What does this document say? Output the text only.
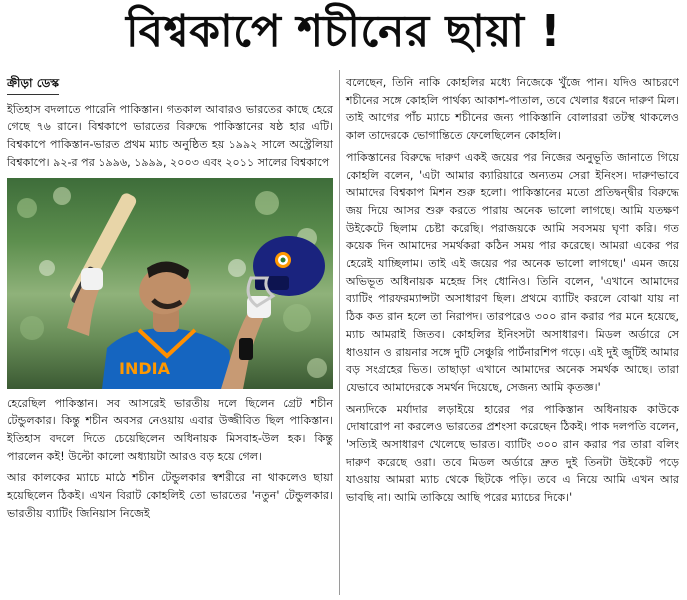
বিশ্বকাপে শচীনের ছায়া !
ক্রীড়া ডেস্ক

ইতিহাস বদলাতে পারেনি পাকিস্তান। গতকাল আবারও ভারতের কাছে হেরে গেছে ৭৬ রানে। বিশ্বকাপে ভারতের বিরুদ্ধে পাকিস্তানের ষষ্ঠ হার এটি। বিশ্বকাপে পাকিস্তান-ভারত প্রথম ম্যাচ অনুষ্ঠিত হয় ১৯৯২ সালে অস্ট্রেলিয়া বিশ্বকাপে। ৯২-র পর ১৯৯৬, ১৯৯৯, ২০০৩ এবং ২০১১ সালের বিশ্বকাপে

INDIA

হেরেছিল পাকিস্তান। সব আসরেই ভারতীয় দলে ছিলেন গ্রেট শচীন টেন্ডুলকার। কিন্তু শচীন অবসর নেওয়ায় এবার উজ্জীবিত ছিল পাকিস্তান। ইতিহাস বদলে দিতে চেয়েছিলেন অধিনায়ক মিসবাহ-উল হক। কিন্তু পারলেন কই! উল্টো কালো অধ্যায়টা আরও বড় হয়ে গেল।

আর কালকের ম্যাচে মাঠে শচীন টেন্ডুলকার স্বশরীরে না থাকলেও ছায়া হয়েছিলেন ঠিকই। এখন বিরাট কোহলিই তো ভারতের 'নতুন' টেন্ডুলকার। ভারতীয় ব্যাটিং জিনিয়াস নিজেই

বলেছেন, তিনি নাকি কোহলির মধ্যে নিজেকে খুঁজে পান। যদিও আচরণে শচীনের সঙ্গে কোহলি পার্থক্য আকাশ-পাতাল, তবে খেলার ধরনে দারুণ মিল। তাই আগের পাঁচ ম্যাচে শচীনের জন্য পাকিস্তানি বোলাররা তটস্থ থাকলেও কাল তাদেরকে ভোগান্তিতে ফেলেছিলেন কোহলি।

পাকিস্তানের বিরুদ্ধে দারুণ একই জয়ের পর নিজের অনুভূতি জানাতে গিয়ে কোহলি বলেন, 'এটা আমার ক্যারিয়ারে অন্যতম সেরা ইনিংস। দারুণভাবে আমাদের বিশ্বকাপ মিশন শুরু হলো। পাকিস্তানের মতো প্রতিদ্বন্দ্বীর বিরুদ্ধে জয় দিয়ে আসর শুরু করতে পারায় অনেক ভালো লাগছে। আমি যতক্ষণ উইকেটে ছিলাম চেষ্টা করেছি। পরাজয়কে আমি সবসময় ঘৃণা করি। গত কয়েক দিন আমাদের সমর্থকরা কঠিন সময় পার করেছে। আমরা একের পর হেরেই যাচ্ছিলাম। তাই এই জয়ের পর অনেক ভালো লাগছে।' এমন জয়ে অভিভূত অধিনায়ক মহেন্দ্র সিং ধোনিও। তিনি বলেন, 'এখানে আমাদের ব্যাটিং পারফরম্যান্সটা অসাধারণ ছিল। প্রথমে ব্যাটিং করলে বোঝা যায় না ঠিক কত রান হলে তা নিরাপদ। তারপরেও ৩০০ রান করার পর মনে হয়েছে, ম্যাচ আমরাই জিতব। কোহলির ইনিংসটা অসাধারণ। মিডল অর্ডারে সে ধাওয়ান ও রায়নার সঙ্গে দুটি সেঞ্চুরি পার্টনারশিপ গড়ে। এই দুই জুটিই আমার বড় সংগ্রহের ভিত। তাছাড়া এখানে আমাদের অনেক সমর্থক আছে। তারা যেভাবে আমাদেরকে সমর্থন দিয়েছে, সেজন্য আমি কৃতজ্ঞ।'

অন্যদিকে মর্যাদার লড়াইয়ে হারের পর পাকিস্তান অধিনায়ক কাউকে দোষারোপ না করলেও ভারতের প্রশংসা করেছেন ঠিকই। পাক দলপতি বলেন, 'সত্যিই অসাধারণ খেলেছে ভারত। ব্যাটিং ৩০০ রান করার পর তারা বলিং দারুণ করেছে ওরা। তবে মিডল অর্ডারে দ্রুত দুই তিনটা উইকেট পড়ে যাওয়ায় আমরা ম্যাচ থেকে ছিটকে পড়ি। তবে এ নিয়ে আমি এখন আর ভাবছি না। আমি তাকিয়ে আছি পরের ম্যাচের দিকে।'
